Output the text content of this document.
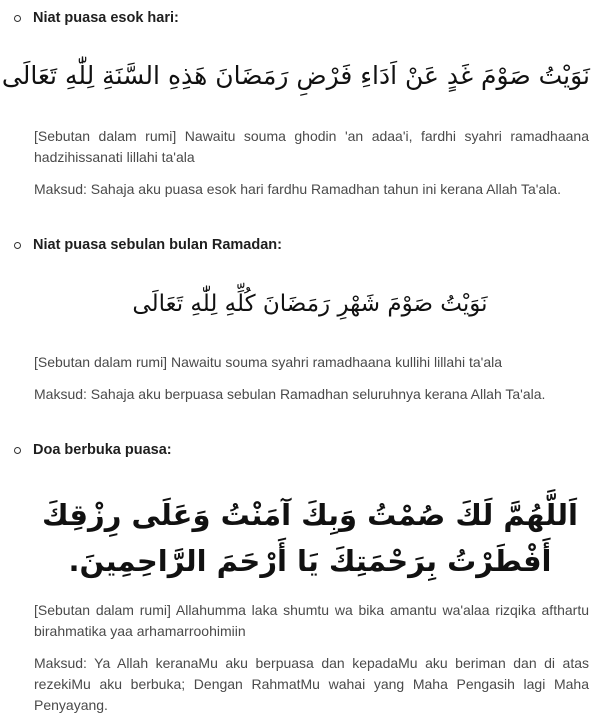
Niat puasa esok hari:
نَوَيْتُ صَوْمَ غَدٍ عَنْ اَدَاءِ فَرْضِ رَمَضَانَ هَذِهِ السَّنَةِ لِلّٰهِ تَعَالَى
[Sebutan dalam rumi] Nawaitu souma ghodin 'an adaa'i, fardhi syahri ramadhaana hadzihissanati lillahi ta'ala
Maksud: Sahaja aku puasa esok hari fardhu Ramadhan tahun ini kerana Allah Ta'ala.
Niat puasa sebulan bulan Ramadan:
نَوَيْتُ صَوْمَ شَهْرِ رَمَضَانَ كُلِّهِ لِلّٰهِ تَعَالَى
[Sebutan dalam rumi] Nawaitu souma syahri ramadhaana kullihi lillahi ta'ala
Maksud: Sahaja aku berpuasa sebulan Ramadhan seluruhnya kerana Allah Ta'ala.
Doa berbuka puasa:
اَللَّهُمَّ لَكَ صُمْتُ وَبِكَ آمَنْتُ وَعَلَى رِزْقِكَ
أَفْطَرْتُ بِرَحْمَتِكَ يَا أَرْحَمَ الرَّاحِمِينَ.
[Sebutan dalam rumi] Allahumma laka shumtu wa bika amantu wa'alaa rizqika afthartu birahmatika yaa arhamarroohimiin
Maksud: Ya Allah keranaMu aku berpuasa dan kepadaMu aku beriman dan di atas rezekiMu aku berbuka; Dengan RahmatMu wahai yang Maha Pengasih lagi Maha Penyayang.
